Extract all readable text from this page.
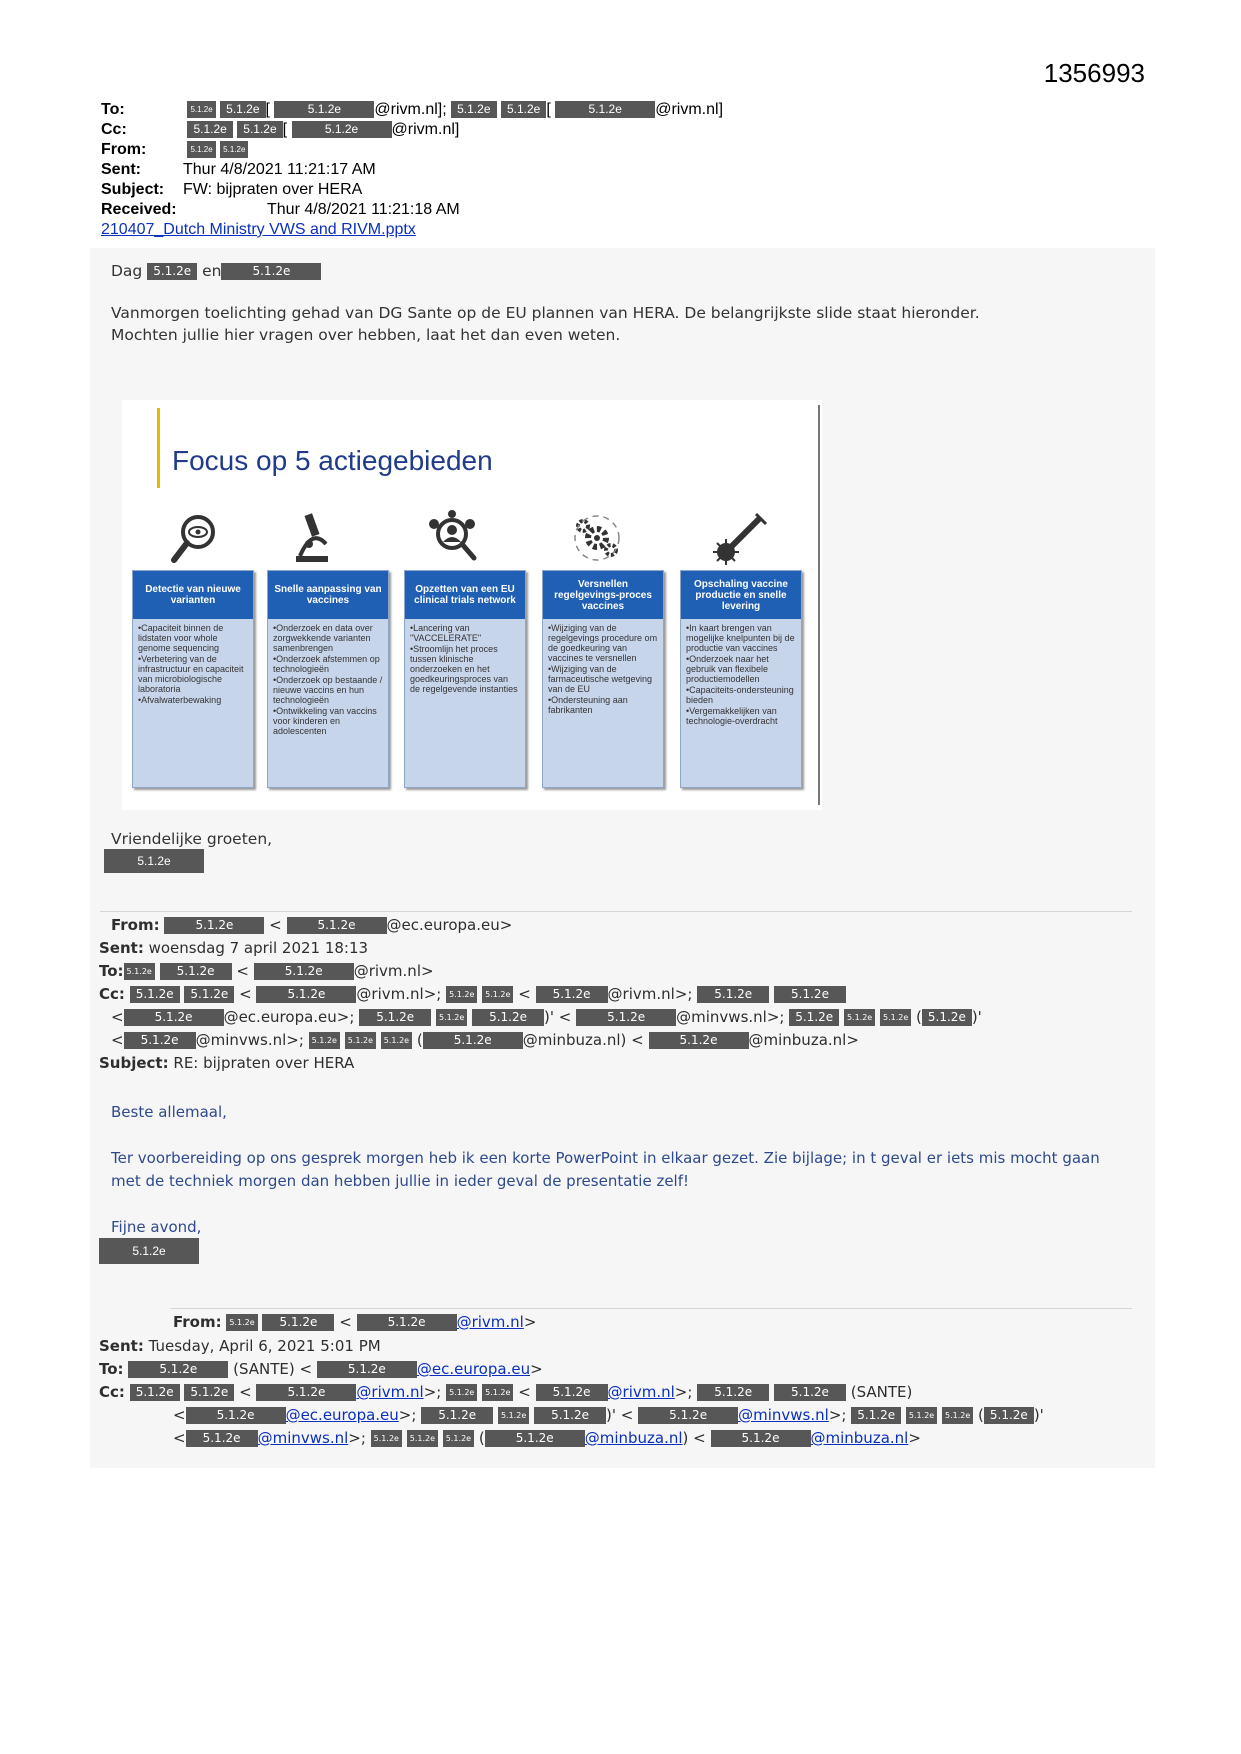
1356993
To:	5.1.2e 5.1.2e [	5.1.2e @rivm.nl]; 5.1.2e 5.1.2e [	5.1.2e @rivm.nl]
Cc:	5.1.2e 5.1.2e [	5.1.2e @rivm.nl]
From:	5.1.2e 5.1.2e
Sent:	Thur 4/8/2021 11:21:17 AM
Subject: FW: bijpraten over HERA
Received:	Thur 4/8/2021 11:21:18 AM
210407_Dutch Ministry VWS and RIVM.pptx
Dag 5.1.2e en	5.1.2e
Vanmorgen toelichting gehad van DG Sante op de EU plannen van HERA. De belangrijkste slide staat hieronder.
Mochten jullie hier vragen over hebben, laat het dan even weten.
Focus op 5 actiegebieden
Detectie van nieuwe varianten
•Capaciteit binnen de lidstaten voor whole genome sequencing
•Verbetering van de infrastructuur en capaciteit van microbiologische laboratoria
•Afvalwaterbewaking
Snelle aanpassing van vaccines
•Onderzoek en data over zorgwekkende varianten samenbrengen
•Onderzoek afstemmen op technologieën
•Onderzoek op bestaande / nieuwe vaccins en hun technologieën
•Ontwikkeling van vaccins voor kinderen en adolescenten
Opzetten van een EU clinical trials network
•Lancering van "VACCELERATE"
•Stroomlijn het proces tussen klinische onderzoeken en het goedkeuringsproces van de regelgevende instanties
Versnellen regelgevings-proces vaccines
•Wijziging van de regelgevings procedure om de goedkeuring van vaccines te versnellen
•Wijziging van de farmaceutische wetgeving van de EU
•Ondersteuning aan fabrikanten
Opschaling vaccine productie en snelle levering
•In kaart brengen van mogelijke knelpunten bij de productie van vaccines
•Onderzoek naar het gebruik van flexibele productiemodellen
•Capaciteits-ondersteuning bieden
•Vergemakkelijken van technologie-overdracht
Vriendelijke groeten,
5.1.2e
From:	5.1.2e <	5.1.2e @ec.europa.eu>
Sent: woensdag 7 april 2021 18:13
To: 5.1.2e 5.1.2e <	5.1.2e @rivm.nl>
Cc: 5.1.2e 5.1.2e <	5.1.2e @rivm.nl>; 5.1.2e 5.1.2e < 5.1.2e @rivm.nl>; 5.1.2e	5.1.2e
<	5.1.2e @ec.europa.eu>; 5.1.2e	5.1.2e 5.1.2e )' <	5.1.2e @minvws.nl>; 5.1.2e 5.1.2e 5.1.2e ( 5.1.2e )'
< 5.1.2e @minvws.nl>; 5.1.2e 5.1.2e 5.1.2e (	5.1.2e @minbuza.nl) <	5.1.2e @minbuza.nl>
Subject: RE: bijpraten over HERA
Beste allemaal,
Ter voorbereiding op ons gesprek morgen heb ik een korte PowerPoint in elkaar gezet. Zie bijlage; in t geval er iets mis mocht gaan
met de techniek morgen dan hebben jullie in ieder geval de presentatie zelf!
Fijne avond,
5.1.2e
From: 5.1.2e 5.1.2e <	5.1.2e @rivm.nl>
Sent: Tuesday, April 6, 2021 5:01 PM
To:	5.1.2e (SANTE) <	5.1.2e @ec.europa.eu>
Cc: 5.1.2e 5.1.2e <	5.1.2e @rivm.nl>; 5.1.2e 5.1.2e < 5.1.2e @rivm.nl>; 5.1.2e	5.1.2e (SANTE)
<	5.1.2e @ec.europa.eu>; 5.1.2e	5.1.2e 5.1.2e )' <	5.1.2e @minvws.nl>; 5.1.2e 5.1.2e 5.1.2e ( 5.1.2e )'
< 5.1.2e @minvws.nl>; 5.1.2e 5.1.2e 5.1.2e (	5.1.2e @minbuza.nl) <	5.1.2e @minbuza.nl>
